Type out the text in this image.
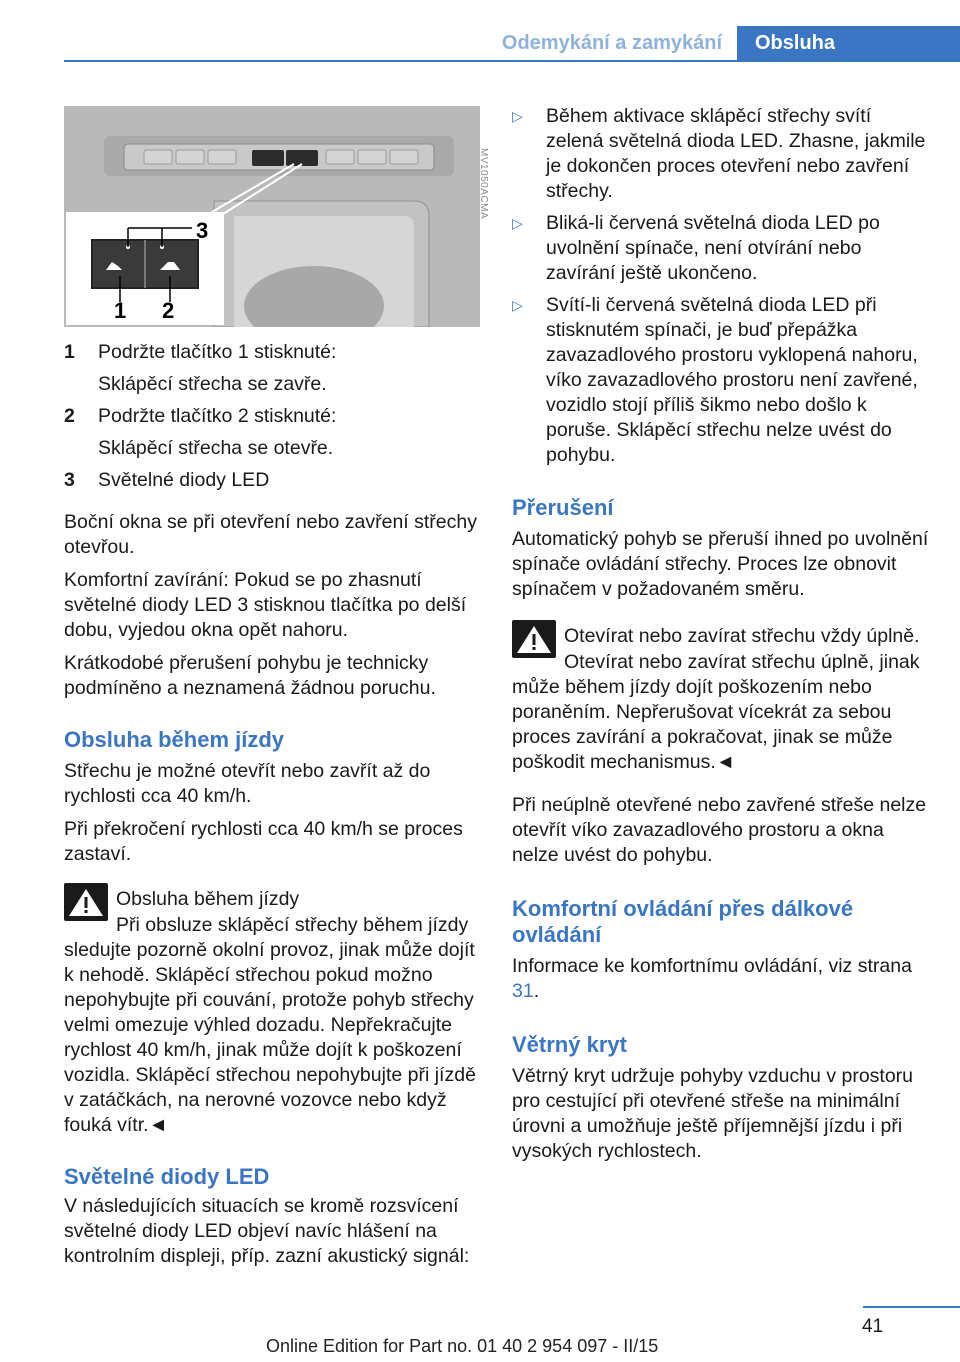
Odemykání a zamykání	Obsluha
3
1 2
MV1050ACMA
1	Podržte tlačítko 1 stisknuté:
Sklápěcí střecha se zavře.
2	Podržte tlačítko 2 stisknuté:
Sklápěcí střecha se otevře.
3	Světelné diody LED

Boční okna se při otevření nebo zavření střechy otevřou.

Komfortní zavírání: Pokud se po zhasnutí světelné diody LED 3 stisknou tlačítka po delší dobu, vyjedou okna opět nahoru.

Krátkodobé přerušení pohybu je technicky podmíněno a neznamená žádnou poruchu.

Obsluha během jízdy

Střechu je možné otevřít nebo zavřít až do rychlosti cca 40 km/h.

Při překročení rychlosti cca 40 km/h se proces zastaví.

Obsluha během jízdy

Při obsluze sklápěcí střechy během jízdy sledujte pozorně okolní provoz, jinak může dojít k nehodě. Sklápěcí střechou pokud možno nepohybujte při couvání, protože pohyb střechy velmi omezuje výhled dozadu. Nepřekračujte rychlost 40 km/h, jinak může dojít k poškození vozidla. Sklápěcí střechou nepohybujte při jízdě v zatáčkách, na nerovné vozovce nebo když fouká vítr.◄

Světelné diody LED

V následujících situacích se kromě rozsvícení světelné diody LED objeví navíc hlášení na kontrolním displeji, příp. zazní akustický signál:

▷	Během aktivace sklápěcí střechy svítí zelená světelná dioda LED. Zhasne, jakmile je dokončen proces otevření nebo zavření střechy.
▷	Bliká-li červená světelná dioda LED po uvolnění spínače, není otvírání nebo zavírání ještě ukončeno.
▷	Svítí-li červená světelná dioda LED při stisknutém spínači, je buď přepážka zavazadlového prostoru vyklopená nahoru, víko zavazadlového prostoru není zavřené, vozidlo stojí příliš šikmo nebo došlo k poruše. Sklápěcí střechu nelze uvést do pohybu.
Přerušení

Automatický pohyb se přeruší ihned po uvolnění spínače ovládání střechy. Proces lze obnovit spínačem v požadovaném směru.

Otevírat nebo zavírat střechu vždy úplně.

Otevírat nebo zavírat střechu úplně, jinak může během jízdy dojít poškozením nebo poraněním. Nepřerušovat vícekrát za sebou proces zavírání a pokračovat, jinak se může poškodit mechanismus.◄

Při neúplně otevřené nebo zavřené střeše nelze otevřít víko zavazadlového prostoru a okna nelze uvést do pohybu.

Komfortní ovládání přes dálkové ovládání

Informace ke komfortnímu ovládání, viz strana 31.

Větrný kryt

Větrný kryt udržuje pohyby vzduchu v prostoru pro cestující při otevřené střeše na minimální úrovni a umožňuje ještě příjemnější jízdu i při vysokých rychlostech.

41
Online Edition for Part no. 01 40 2 954 097 - II/15
